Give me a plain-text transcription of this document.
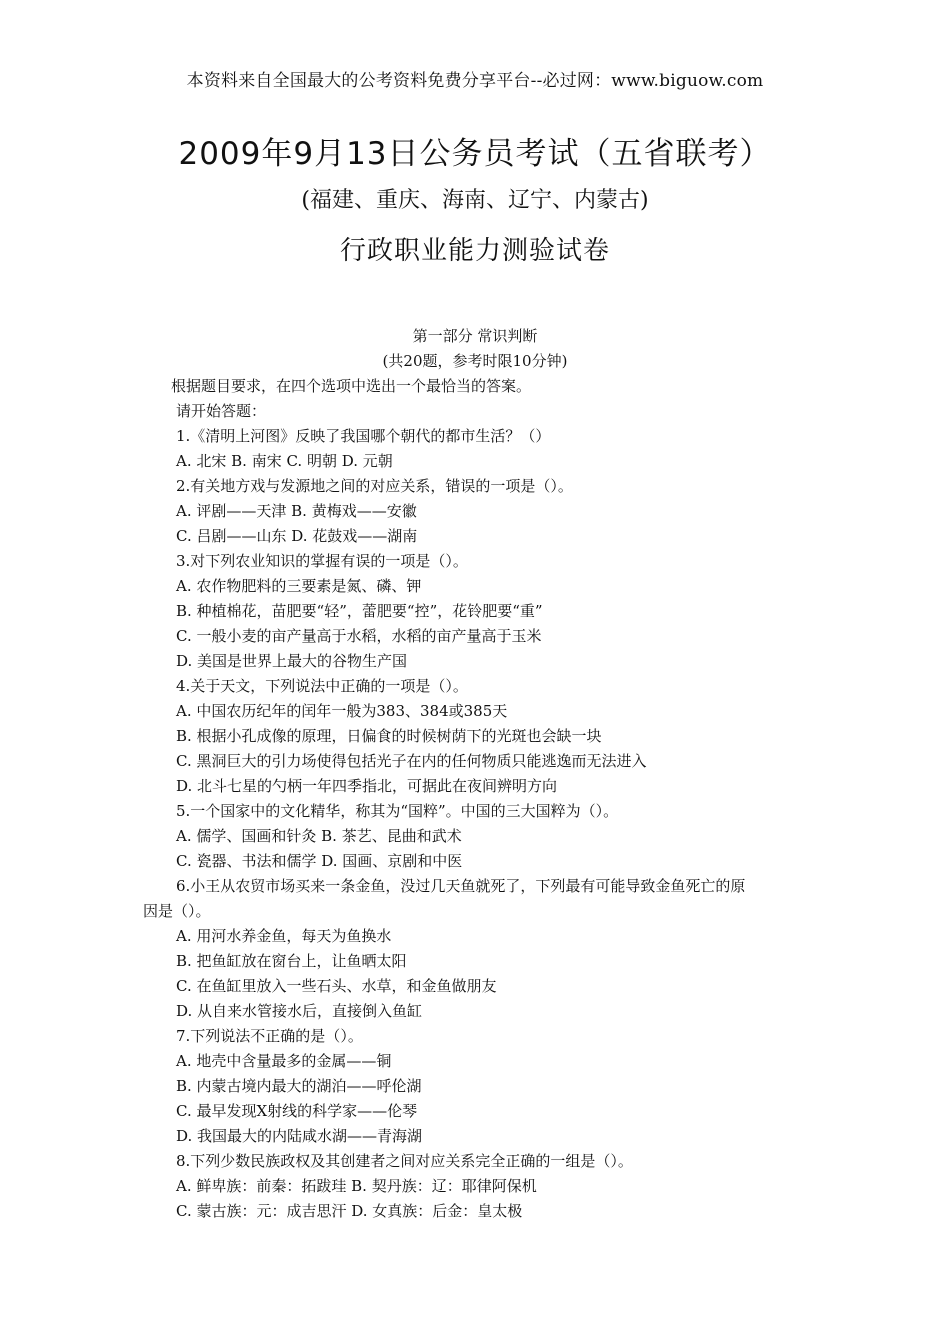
本资料来自全国最大的公考资料免费分享平台--必过网：www.biguow.com
2009年9月13日公务员考试（五省联考）
(福建、重庆、海南、辽宁、内蒙古)
行政职业能力测验试卷
第一部分 常识判断
(共20题，参考时限10分钟)
根据题目要求，在四个选项中选出一个最恰当的答案。
请开始答题：
1.《清明上河图》反映了我国哪个朝代的都市生活？（）
A. 北宋 B. 南宋 C. 明朝 D. 元朝
2.有关地方戏与发源地之间的对应关系，错误的一项是（）。
A. 评剧——天津 B. 黄梅戏——安徽
C. 吕剧——山东 D. 花鼓戏——湖南
3.对下列农业知识的掌握有误的一项是（）。
A. 农作物肥料的三要素是氮、磷、钾
B. 种植棉花，苗肥要“轻”，蕾肥要“控”，花铃肥要“重”
C. 一般小麦的亩产量高于水稻，水稻的亩产量高于玉米
D. 美国是世界上最大的谷物生产国
4.关于天文，下列说法中正确的一项是（）。
A. 中国农历纪年的闰年一般为383、384或385天
B. 根据小孔成像的原理，日偏食的时候树荫下的光斑也会缺一块
C. 黑洞巨大的引力场使得包括光子在内的任何物质只能逃逸而无法进入
D. 北斗七星的勺柄一年四季指北，可据此在夜间辨明方向
5.一个国家中的文化精华，称其为“国粹”。中国的三大国粹为（）。
A. 儒学、国画和针灸 B. 茶艺、昆曲和武术
C. 瓷器、书法和儒学 D. 国画、京剧和中医
6.小王从农贸市场买来一条金鱼，没过几天鱼就死了，下列最有可能导致金鱼死亡的原
因是（）。
A. 用河水养金鱼，每天为鱼换水
B. 把鱼缸放在窗台上，让鱼晒太阳
C. 在鱼缸里放入一些石头、水草，和金鱼做朋友
D. 从自来水管接水后，直接倒入鱼缸
7.下列说法不正确的是（）。
A. 地壳中含量最多的金属——铜
B. 内蒙古境内最大的湖泊——呼伦湖
C. 最早发现X射线的科学家——伦琴
D. 我国最大的内陆咸水湖——青海湖
8.下列少数民族政权及其创建者之间对应关系完全正确的一组是（）。
A. 鲜卑族：前秦：拓跋珪 B. 契丹族：辽：耶律阿保机
C. 蒙古族：元：成吉思汗 D. 女真族：后金：皇太极
